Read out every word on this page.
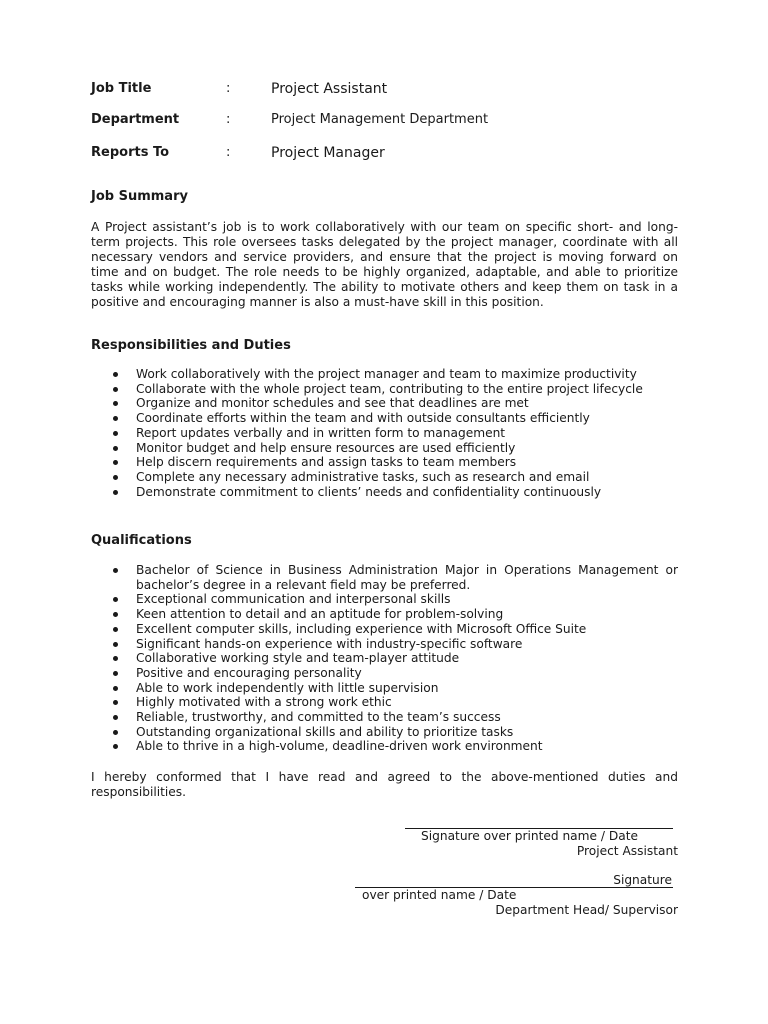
Job Title	:	Project Assistant
Department	:	Project Management Department
Reports To	:	Project Manager
Job Summary

A Project assistant’s job is to work collaboratively with our team on specific short- and long-term projects. This role oversees tasks delegated by the project manager, coordinate with all necessary vendors and service providers, and ensure that the project is moving forward on time and on budget. The role needs to be highly organized, adaptable, and able to prioritize tasks while working independently. The ability to motivate others and keep them on task in a positive and encouraging manner is also a must-have skill in this position.

Responsibilities and Duties
Work collaboratively with the project manager and team to maximize productivity
Collaborate with the whole project team, contributing to the entire project lifecycle
Organize and monitor schedules and see that deadlines are met
Coordinate efforts within the team and with outside consultants efficiently
Report updates verbally and in written form to management
Monitor budget and help ensure resources are used efficiently
Help discern requirements and assign tasks to team members
Complete any necessary administrative tasks, such as research and email
Demonstrate commitment to clients’ needs and confidentiality continuously
Qualifications
Bachelor of Science in Business Administration Major in Operations Management or bachelor’s degree in a relevant field may be preferred.
Exceptional communication and interpersonal skills
Keen attention to detail and an aptitude for problem-solving
Excellent computer skills, including experience with Microsoft Office Suite
Significant hands-on experience with industry-specific software
Collaborative working style and team-player attitude
Positive and encouraging personality
Able to work independently with little supervision
Highly motivated with a strong work ethic
Reliable, trustworthy, and committed to the team’s success
Outstanding organizational skills and ability to prioritize tasks
Able to thrive in a high-volume, deadline-driven work environment

I hereby conformed that I have read and agreed to the above-mentioned duties and responsibilities.

Signature over printed name / Date
Project Assistant
Signature
over printed name / Date
Department Head/ Supervisor
